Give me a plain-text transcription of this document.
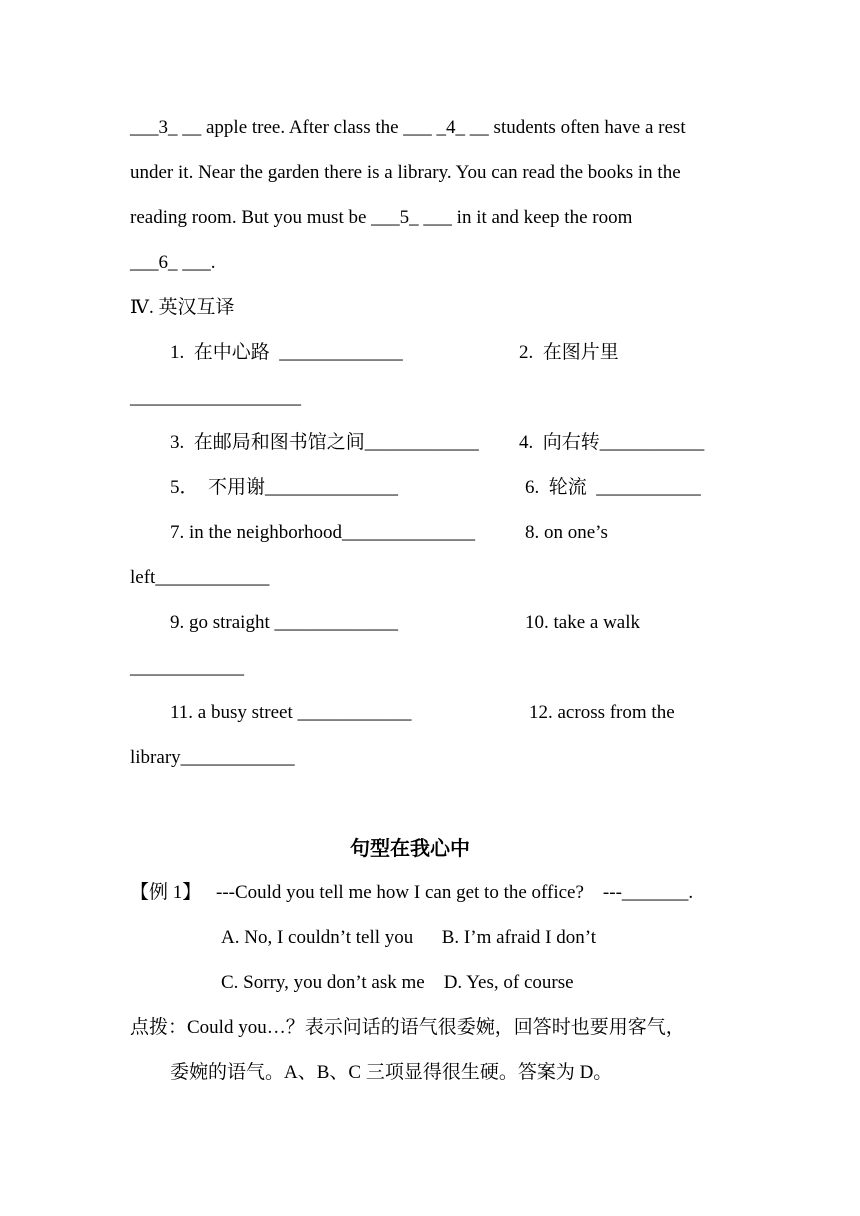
___3_ __ apple tree. After class the ___ _4_ __ students often have a rest
under it. Near the garden there is a library. You can read the books in the
reading room. But you must be ___5_ ___ in it and keep the room
___6_ ___.
Ⅳ. 英汉互译
1.  在中心路  _____________	2.  在图片里
__________________
3.  在邮局和图书馆之间____________ 4.  向右转___________
5．  不用谢______________	6.  轮流  ___________
7. in the neighborhood______________	8. on one’s
left____________
9. go straight _____________	10. take a walk
____________
11. a busy street ____________	12. across from the
library____________
句型在我心中
【例 1】 ---Could you tell me how I can get to the office?    ---_______.
A. No, I couldn’t tell you      B. I’m afraid I don’t
C. Sorry, you don’t ask me    D. Yes, of course
点拨：Could you…？表示问话的语气很委婉，回答时也要用客气，
委婉的语气。A、B、C 三项显得很生硬。答案为 D。
